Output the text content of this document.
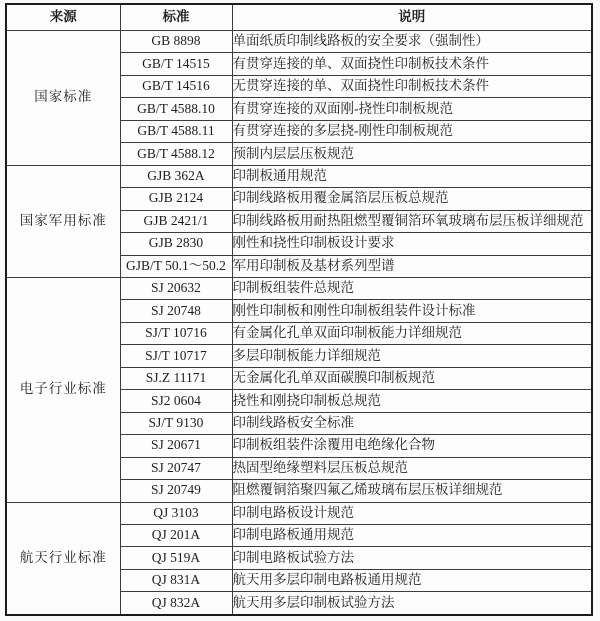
来源	标准	说明
国家标准	GB 8898	单面纸质印制线路板的安全要求（强制性）
	GB/T 14515	有贯穿连接的单、双面挠性印制板技术条件
	GB/T 14516	无贯穿连接的单、双面挠性印制板技术条件
	GB/T 4588.10	有贯穿连接的双面刚-挠性印制板规范
	GB/T 4588.11	有贯穿连接的多层挠-刚性印制板规范
	GB/T 4588.12	预制内层层压板规范
国家军用标准	GJB 362A	印制板通用规范
	GJB 2124	印制线路板用覆金属箔层压板总规范
	GJB 2421/1	印制线路板用耐热阻燃型覆铜箔环氧玻璃布层压板详细规范
	GJB 2830	刚性和挠性印制板设计要求
	GJB/T 50.1～50.2	军用印制板及基材系列型谱
电子行业标准	SJ 20632	印制板组装件总规范
	SJ 20748	刚性印制板和刚性印制板组装件设计标准
	SJ/T 10716	有金属化孔单双面印制板能力详细规范
	SJ/T 10717	多层印制板能力详细规范
	SJ.Z 11171	无金属化孔单双面碳膜印制板规范
	SJ2 0604	挠性和刚挠印制板总规范
	SJ/T 9130	印制线路板安全标准
	SJ 20671	印制板组装件涂覆用电绝缘化合物
	SJ 20747	热固型绝缘塑料层压板总规范
	SJ 20749	阻燃覆铜箔聚四氟乙烯玻璃布层压板详细规范
航天行业标准	QJ 3103	印制电路板设计规范
	QJ 201A	印制电路板通用规范
	QJ 519A	印制电路板试验方法
	QJ 831A	航天用多层印制电路板通用规范
	QJ 832A	航天用多层印制板试验方法
